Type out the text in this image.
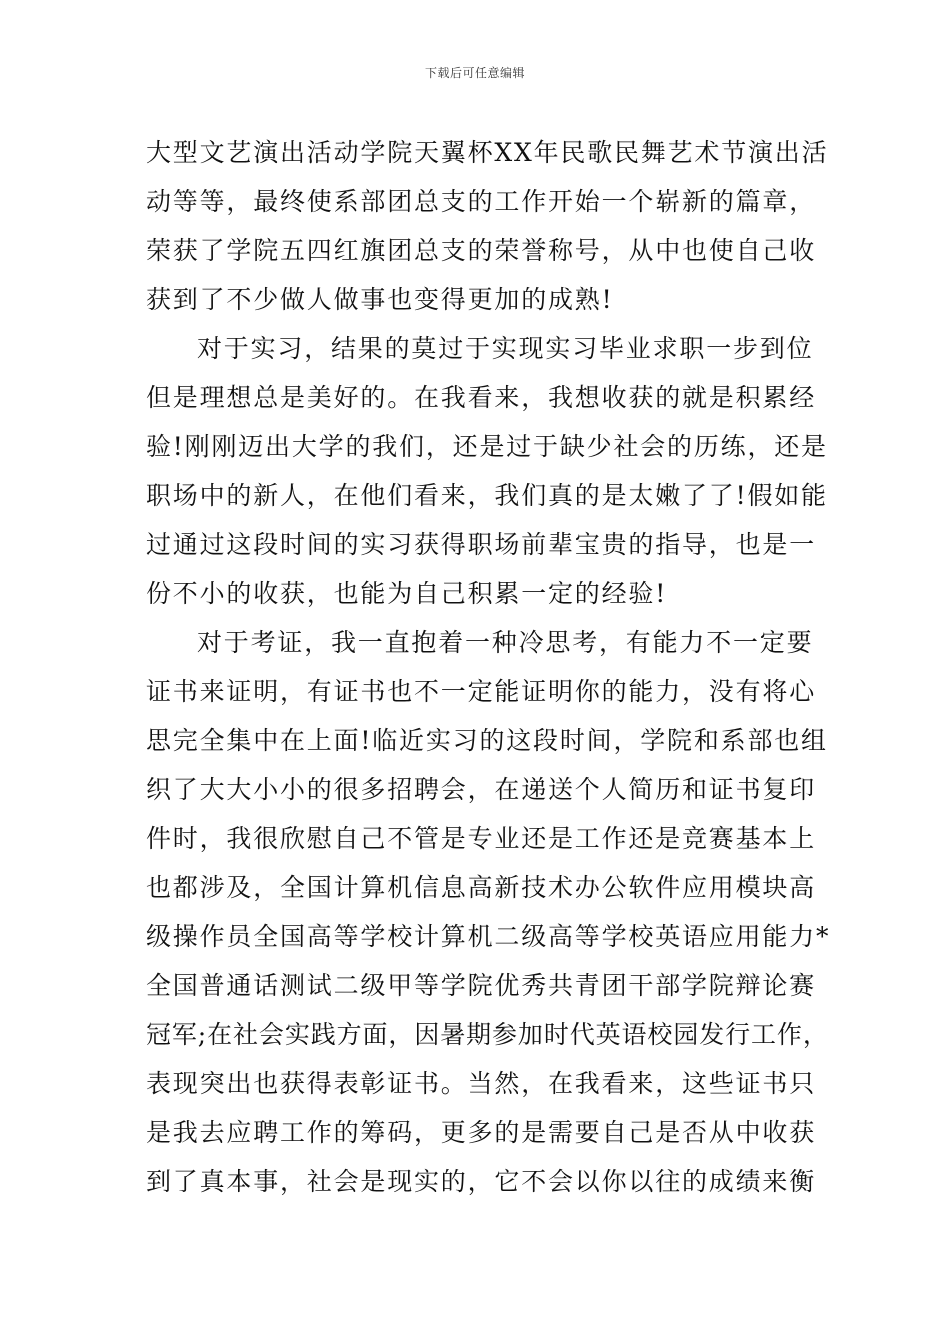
下载后可任意编辑
大型文艺演出活动学院天翼杯XX年民歌民舞艺术节演出活
动等等，最终使系部团总支的工作开始一个崭新的篇章，
荣获了学院五四红旗团总支的荣誉称号，从中也使自己收
获到了不少做人做事也变得更加的成熟!
对于实习，结果的莫过于实现实习毕业求职一步到位
但是理想总是美好的。在我看来，我想收获的就是积累经
验!刚刚迈出大学的我们，还是过于缺少社会的历练，还是
职场中的新人，在他们看来，我们真的是太嫩了了!假如能
过通过这段时间的实习获得职场前辈宝贵的指导，也是一
份不小的收获，也能为自己积累一定的经验!
对于考证，我一直抱着一种冷思考，有能力不一定要
证书来证明，有证书也不一定能证明你的能力，没有将心
思完全集中在上面!临近实习的这段时间，学院和系部也组
织了大大小小的很多招聘会，在递送个人简历和证书复印
件时，我很欣慰自己不管是专业还是工作还是竞赛基本上
也都涉及，全国计算机信息高新技术办公软件应用模块高
级操作员全国高等学校计算机二级高等学校英语应用能力*
全国普通话测试二级甲等学院优秀共青团干部学院辩论赛
冠军;在社会实践方面，因暑期参加时代英语校园发行工作，
表现突出也获得表彰证书。当然，在我看来，这些证书只
是我去应聘工作的筹码，更多的是需要自己是否从中收获
到了真本事，社会是现实的，它不会以你以往的成绩来衡
